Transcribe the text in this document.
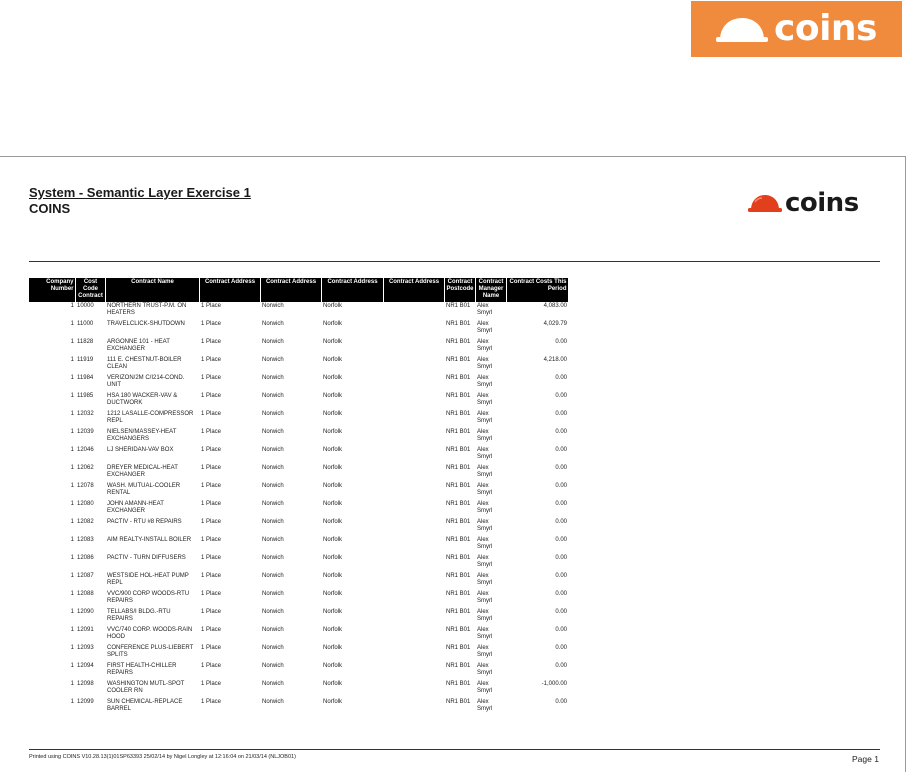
coins
System - Semantic Layer Exercise 1
COINS	coins
Company Number	Cost Code Contract	Contract Name	Contract Address	Contract Address	Contract Address	Contract Address	Contract Postcode	Contract Manager Name	Contract Costs This Period
1	10000	NORTHERN TRUST-P.M. ON HEATERS	1 Place	Norwich	Norfolk		NR1 B01	Alex Smyrl	4,083.00
1	11000	TRAVELCLICK-SHUTDOWN	1 Place	Norwich	Norfolk		NR1 B01	Alex Smyrl	4,029.79
1	11828	ARGONNE 101 - HEAT EXCHANGER	1 Place	Norwich	Norfolk		NR1 B01	Alex Smyrl	0.00
1	11919	111 E. CHESTNUT-BOILER CLEAN	1 Place	Norwich	Norfolk		NR1 B01	Alex Smyrl	4,218.00
1	11984	VERIZON/2M C/I214-COND. UNIT	1 Place	Norwich	Norfolk		NR1 B01	Alex Smyrl	0.00
1	11985	HSA 180 WACKER-VAV & DUCTWORK	1 Place	Norwich	Norfolk		NR1 B01	Alex Smyrl	0.00
1	12032	1212 LASALLE-COMPRESSOR REPL	1 Place	Norwich	Norfolk		NR1 B01	Alex Smyrl	0.00
1	12039	NIELSEN/MASSEY-HEAT EXCHANGERS	1 Place	Norwich	Norfolk		NR1 B01	Alex Smyrl	0.00
1	12046	LJ SHERIDAN-VAV BOX	1 Place	Norwich	Norfolk		NR1 B01	Alex Smyrl	0.00
1	12062	DREYER MEDICAL-HEAT EXCHANGER	1 Place	Norwich	Norfolk		NR1 B01	Alex Smyrl	0.00
1	12078	WASH. MUTUAL-COOLER RENTAL	1 Place	Norwich	Norfolk		NR1 B01	Alex Smyrl	0.00
1	12080	JOHN AMANN-HEAT EXCHANGER	1 Place	Norwich	Norfolk		NR1 B01	Alex Smyrl	0.00
1	12082	PACTIV - RTU #8 REPAIRS	1 Place	Norwich	Norfolk		NR1 B01	Alex Smyrl	0.00
1	12083	AIM REALTY-INSTALL BOILER	1 Place	Norwich	Norfolk		NR1 B01	Alex Smyrl	0.00
1	12086	PACTIV - TURN DIFFUSERS	1 Place	Norwich	Norfolk		NR1 B01	Alex Smyrl	0.00
1	12087	WESTSIDE HOL-HEAT PUMP REPL	1 Place	Norwich	Norfolk		NR1 B01	Alex Smyrl	0.00
1	12088	VVC/900 CORP WOODS-RTU REPAIRS	1 Place	Norwich	Norfolk		NR1 B01	Alex Smyrl	0.00
1	12090	TELLABS/I BLDG.-RTU REPAIRS	1 Place	Norwich	Norfolk		NR1 B01	Alex Smyrl	0.00
1	12091	VVC/740 CORP. WOODS-RAIN HOOD	1 Place	Norwich	Norfolk		NR1 B01	Alex Smyrl	0.00
1	12093	CONFERENCE PLUS-LIEBERT SPLITS	1 Place	Norwich	Norfolk		NR1 B01	Alex Smyrl	0.00
1	12094	FIRST HEALTH-CHILLER REPAIRS	1 Place	Norwich	Norfolk		NR1 B01	Alex Smyrl	0.00
1	12098	WASHINGTON MUTL-SPOT COOLER RN	1 Place	Norwich	Norfolk		NR1 B01	Alex Smyrl	-1,000.00
1	12099	SUN CHEMICAL-REPLACE BARREL	1 Place	Norwich	Norfolk		NR1 B01	Alex Smyrl	0.00
Printed using COINS V10.28.13(1)01SP63393 25/02/14 by Nigel Longley at 12:16:04 on 21/03/14 (NLJOB01)	Page 1
